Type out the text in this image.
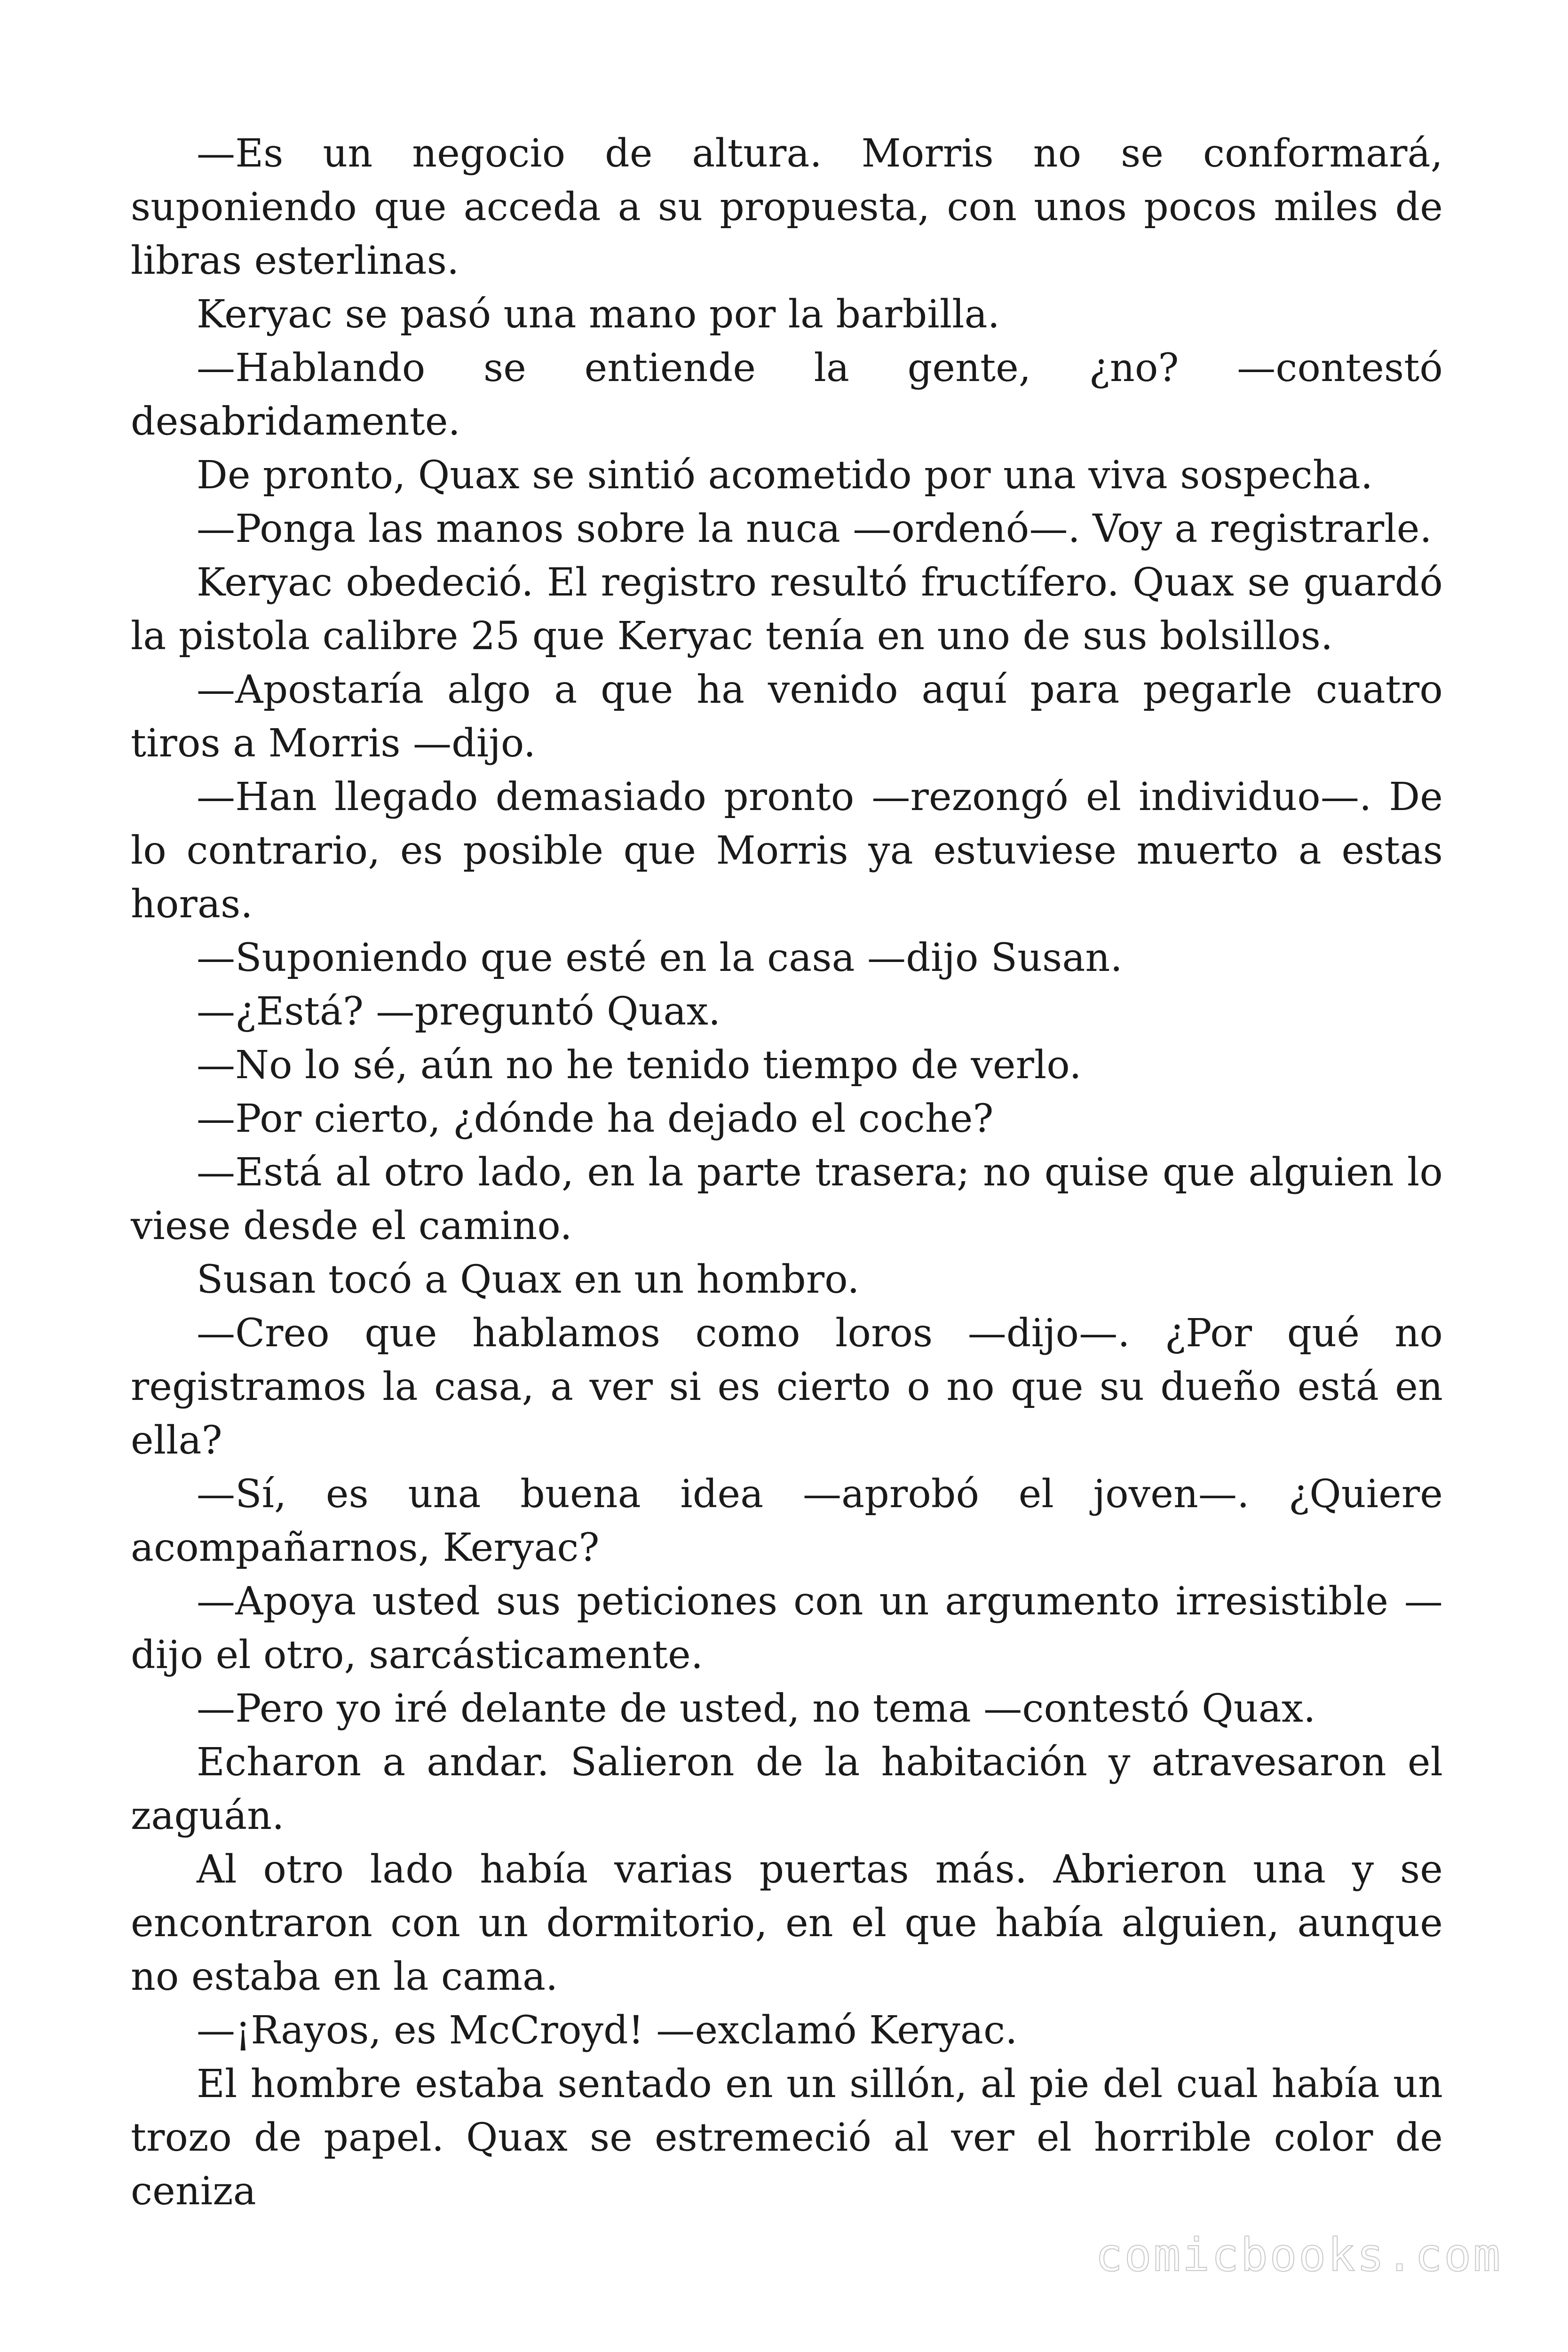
—Es un negocio de altura. Morris no se conformará, suponiendo que acceda a su propuesta, con unos pocos miles de libras esterlinas.

Keryac se pasó una mano por la barbilla.

—Hablando se entiende la gente, ¿no? —contestó desabridamente.

De pronto, Quax se sintió acometido por una viva sospecha.

—Ponga las manos sobre la nuca —ordenó—. Voy a registrarle.

Keryac obedeció. El registro resultó fructífero. Quax se guardó la pistola calibre 25 que Keryac tenía en uno de sus bolsillos.

—Apostaría algo a que ha venido aquí para pegarle cuatro tiros a Morris —dijo.

—Han llegado demasiado pronto —rezongó el individuo—. De lo contrario, es posible que Morris ya estuviese muerto a estas horas.

—Suponiendo que esté en la casa —dijo Susan.

—¿Está? —preguntó Quax.

—No lo sé, aún no he tenido tiempo de verlo.

—Por cierto, ¿dónde ha dejado el coche?

—Está al otro lado, en la parte trasera; no quise que alguien lo viese desde el camino.

Susan tocó a Quax en un hombro.

—Creo que hablamos como loros —dijo—. ¿Por qué no registramos la casa, a ver si es cierto o no que su dueño está en ella?

—Sí, es una buena idea —aprobó el joven—. ¿Quiere acompañarnos, Keryac?

—Apoya usted sus peticiones con un argumento irresistible —dijo el otro, sarcásticamente.

—Pero yo iré delante de usted, no tema —contestó Quax.

Echaron a andar. Salieron de la habitación y atravesaron el zaguán.

Al otro lado había varias puertas más. Abrieron una y se encontraron con un dormitorio, en el que había alguien, aunque no estaba en la cama.

—¡Rayos, es McCroyd! —exclamó Keryac.

El hombre estaba sentado en un sillón, al pie del cual había un trozo de papel. Quax se estremeció al ver el horrible color de ceniza

comicbooks.com
